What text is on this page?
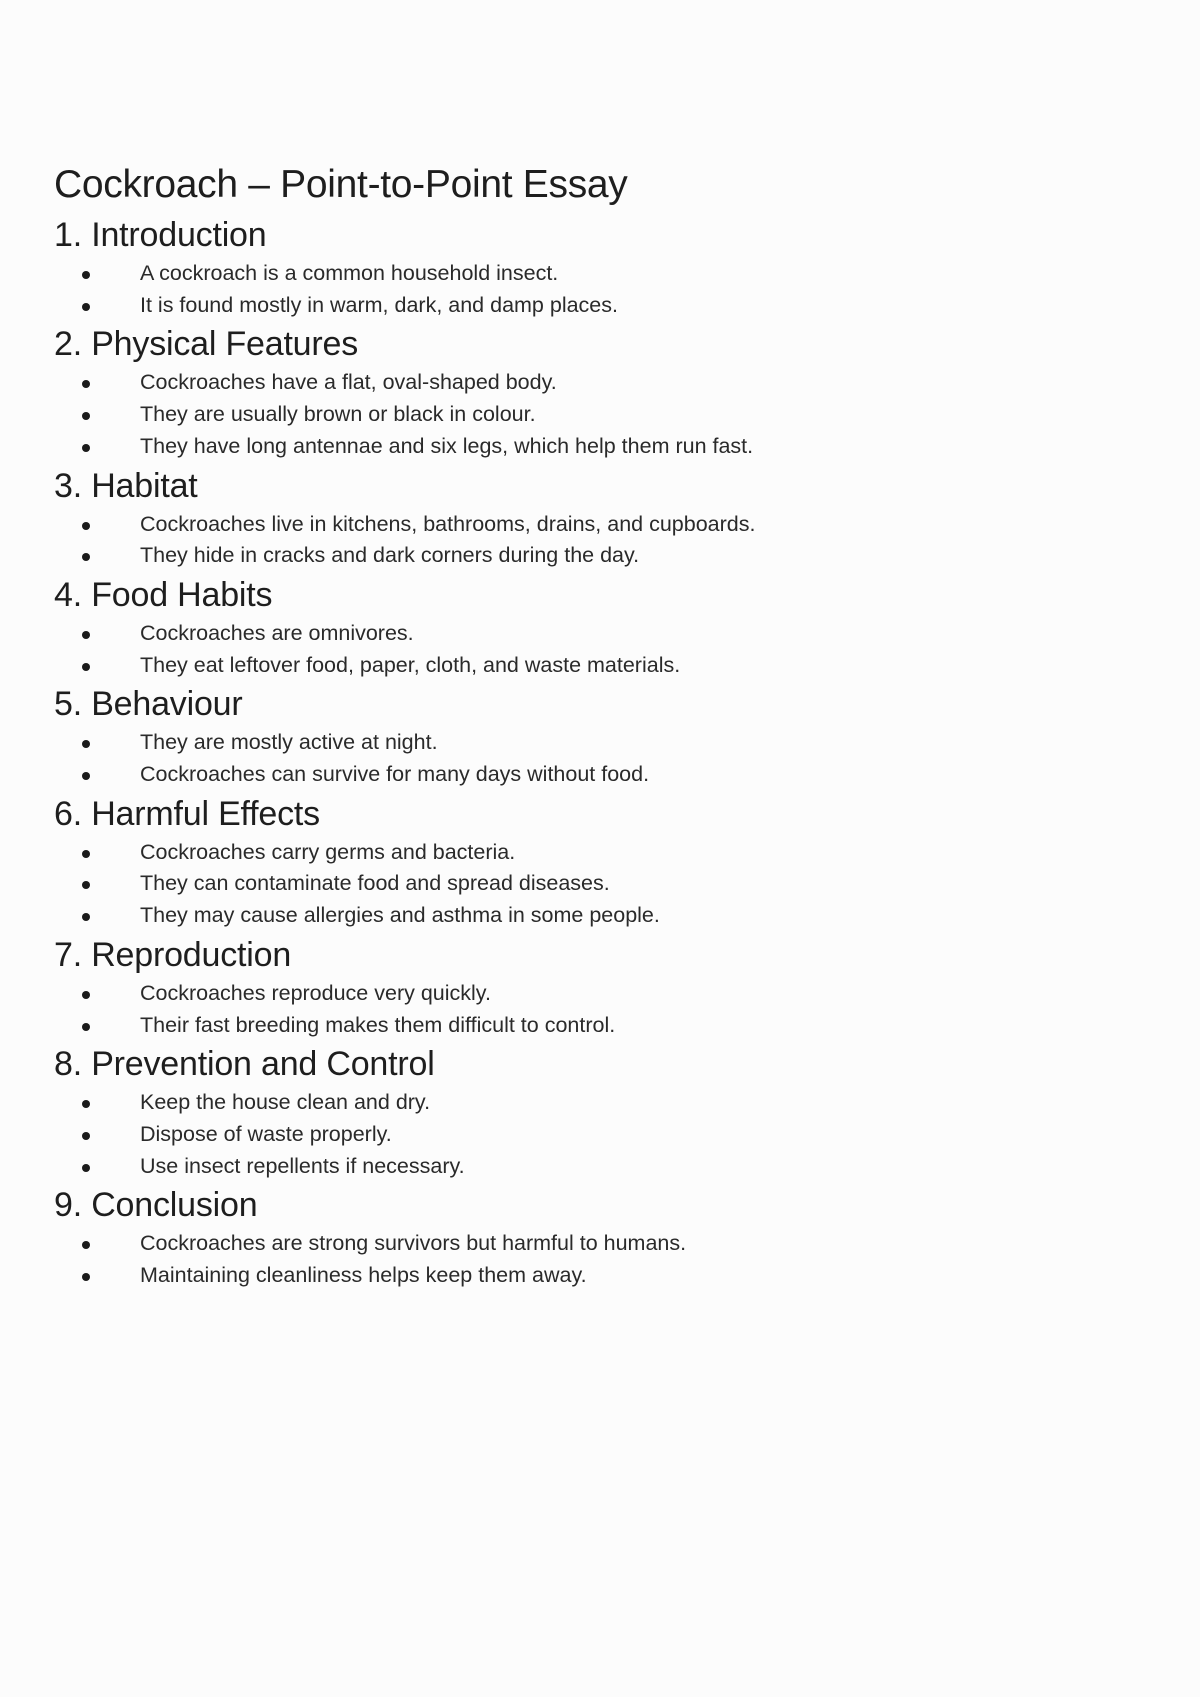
Cockroach – Point-to-Point Essay
1. Introduction
A cockroach is a common household insect.
It is found mostly in warm, dark, and damp places.
2. Physical Features
Cockroaches have a flat, oval-shaped body.
They are usually brown or black in colour.
They have long antennae and six legs, which help them run fast.
3. Habitat
Cockroaches live in kitchens, bathrooms, drains, and cupboards.
They hide in cracks and dark corners during the day.
4. Food Habits
Cockroaches are omnivores.
They eat leftover food, paper, cloth, and waste materials.
5. Behaviour
They are mostly active at night.
Cockroaches can survive for many days without food.
6. Harmful Effects
Cockroaches carry germs and bacteria.
They can contaminate food and spread diseases.
They may cause allergies and asthma in some people.
7. Reproduction
Cockroaches reproduce very quickly.
Their fast breeding makes them difficult to control.
8. Prevention and Control
Keep the house clean and dry.
Dispose of waste properly.
Use insect repellents if necessary.
9. Conclusion
Cockroaches are strong survivors but harmful to humans.
Maintaining cleanliness helps keep them away.
